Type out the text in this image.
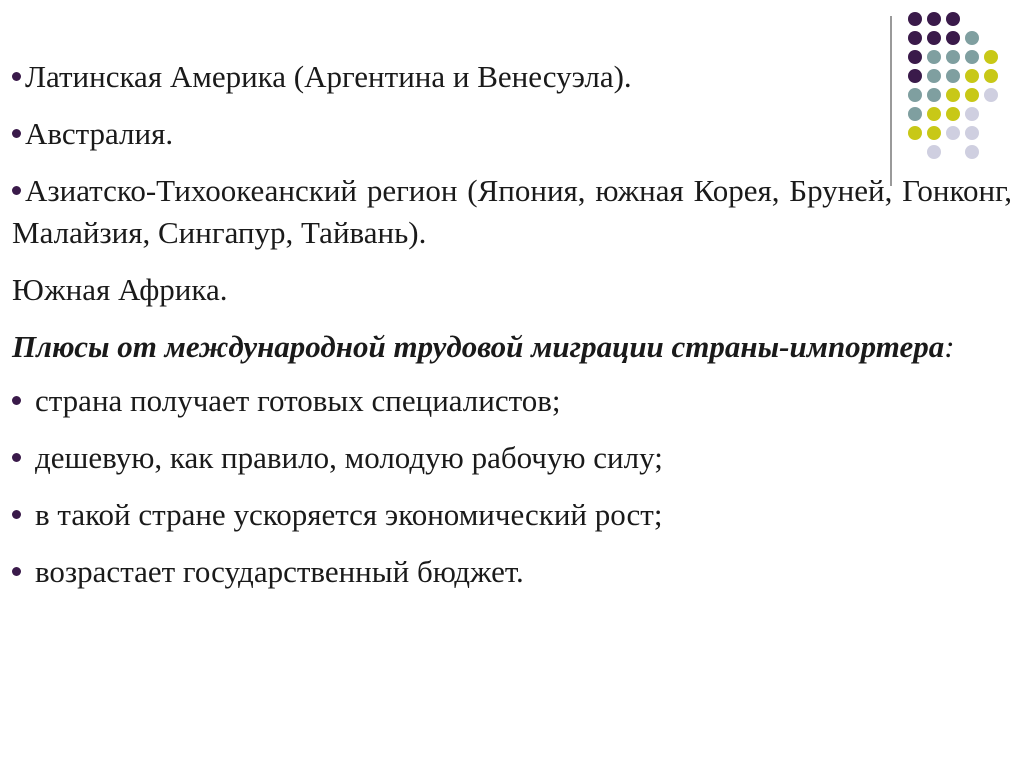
Латинская Америка (Аргентина и Венесуэла).

Австралия.

Азиатско-Тихоокеанский регион (Япония, южная Корея, Бруней, Гонконг, Малайзия, Сингапур, Тайвань).

Южная Африка.

Плюсы от международной трудовой миграции страны-импортера:

страна получает готовых специалистов;

дешевую, как правило, молодую рабочую силу;

в такой стране ускоряется экономический рост;

возрастает государственный бюджет.
